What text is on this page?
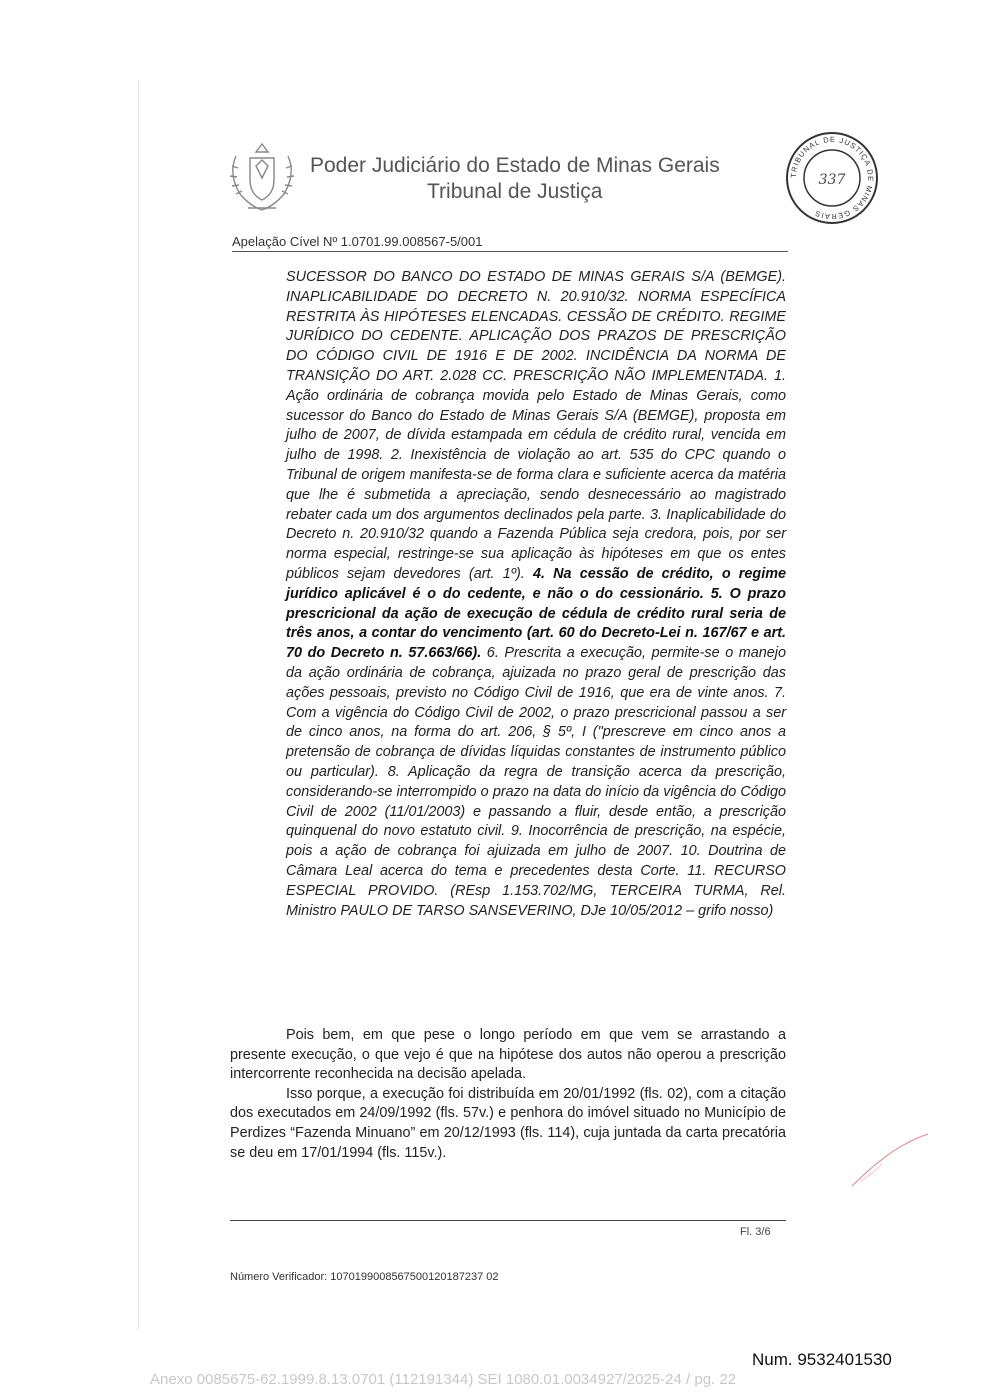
Poder Judiciário do Estado de Minas Gerais
Tribunal de Justiça
TRIBUNAL DE JUSTIÇA DE MINAS GERAIS
337
Apelação Cível Nº 1.0701.99.008567-5/001
SUCESSOR DO BANCO DO ESTADO DE MINAS GERAIS S/A (BEMGE). INAPLICABILIDADE DO DECRETO N. 20.910/32. NORMA ESPECÍFICA RESTRITA ÀS HIPÓTESES ELENCADAS. CESSÃO DE CRÉDITO. REGIME JURÍDICO DO CEDENTE. APLICAÇÃO DOS PRAZOS DE PRESCRIÇÃO DO CÓDIGO CIVIL DE 1916 E DE 2002. INCIDÊNCIA DA NORMA DE TRANSIÇÃO DO ART. 2.028 CC. PRESCRIÇÃO NÃO IMPLEMENTADA. 1. Ação ordinária de cobrança movida pelo Estado de Minas Gerais, como sucessor do Banco do Estado de Minas Gerais S/A (BEMGE), proposta em julho de 2007, de dívida estampada em cédula de crédito rural, vencida em julho de 1998. 2. Inexistência de violação ao art. 535 do CPC quando o Tribunal de origem manifesta-se de forma clara e suficiente acerca da matéria que lhe é submetida a apreciação, sendo desnecessário ao magistrado rebater cada um dos argumentos declinados pela parte. 3. Inaplicabilidade do Decreto n. 20.910/32 quando a Fazenda Pública seja credora, pois, por ser norma especial, restringe-se sua aplicação às hipóteses em que os entes públicos sejam devedores (art. 1º). 4. Na cessão de crédito, o regime jurídico aplicável é o do cedente, e não o do cessionário. 5. O prazo prescricional da ação de execução de cédula de crédito rural seria de três anos, a contar do vencimento (art. 60 do Decreto-Lei n. 167/67 e art. 70 do Decreto n. 57.663/66). 6. Prescrita a execução, permite-se o manejo da ação ordinária de cobrança, ajuizada no prazo geral de prescrição das ações pessoais, previsto no Código Civil de 1916, que era de vinte anos. 7. Com a vigência do Código Civil de 2002, o prazo prescricional passou a ser de cinco anos, na forma do art. 206, § 5º, I ("prescreve em cinco anos a pretensão de cobrança de dívidas líquidas constantes de instrumento público ou particular). 8. Aplicação da regra de transição acerca da prescrição, considerando-se interrompido o prazo na data do início da vigência do Código Civil de 2002 (11/01/2003) e passando a fluir, desde então, a prescrição quinquenal do novo estatuto civil. 9. Inocorrência de prescrição, na espécie, pois a ação de cobrança foi ajuizada em julho de 2007. 10. Doutrina de Câmara Leal acerca do tema e precedentes desta Corte. 11. RECURSO ESPECIAL PROVIDO. (REsp 1.153.702/MG, TERCEIRA TURMA, Rel. Ministro PAULO DE TARSO SANSEVERINO, DJe 10/05/2012 – grifo nosso)

Pois bem, em que pese o longo período em que vem se arrastando a presente execução, o que vejo é que na hipótese dos autos não operou a prescrição intercorrente reconhecida na decisão apelada.

Isso porque, a execução foi distribuída em 20/01/1992 (fls. 02), com a citação dos executados em 24/09/1992 (fls. 57v.) e penhora do imóvel situado no Município de Perdizes “Fazenda Minuano” em 20/12/1993 (fls. 114), cuja juntada da carta precatória se deu em 17/01/1994 (fls. 115v.).

Fl. 3/6
Número Verificador: 1070199008567500120187237 02
Num. 9532401530
Anexo 0085675-62.1999.8.13.0701 (112191344) SEI 1080.01.0034927/2025-24 / pg. 22
